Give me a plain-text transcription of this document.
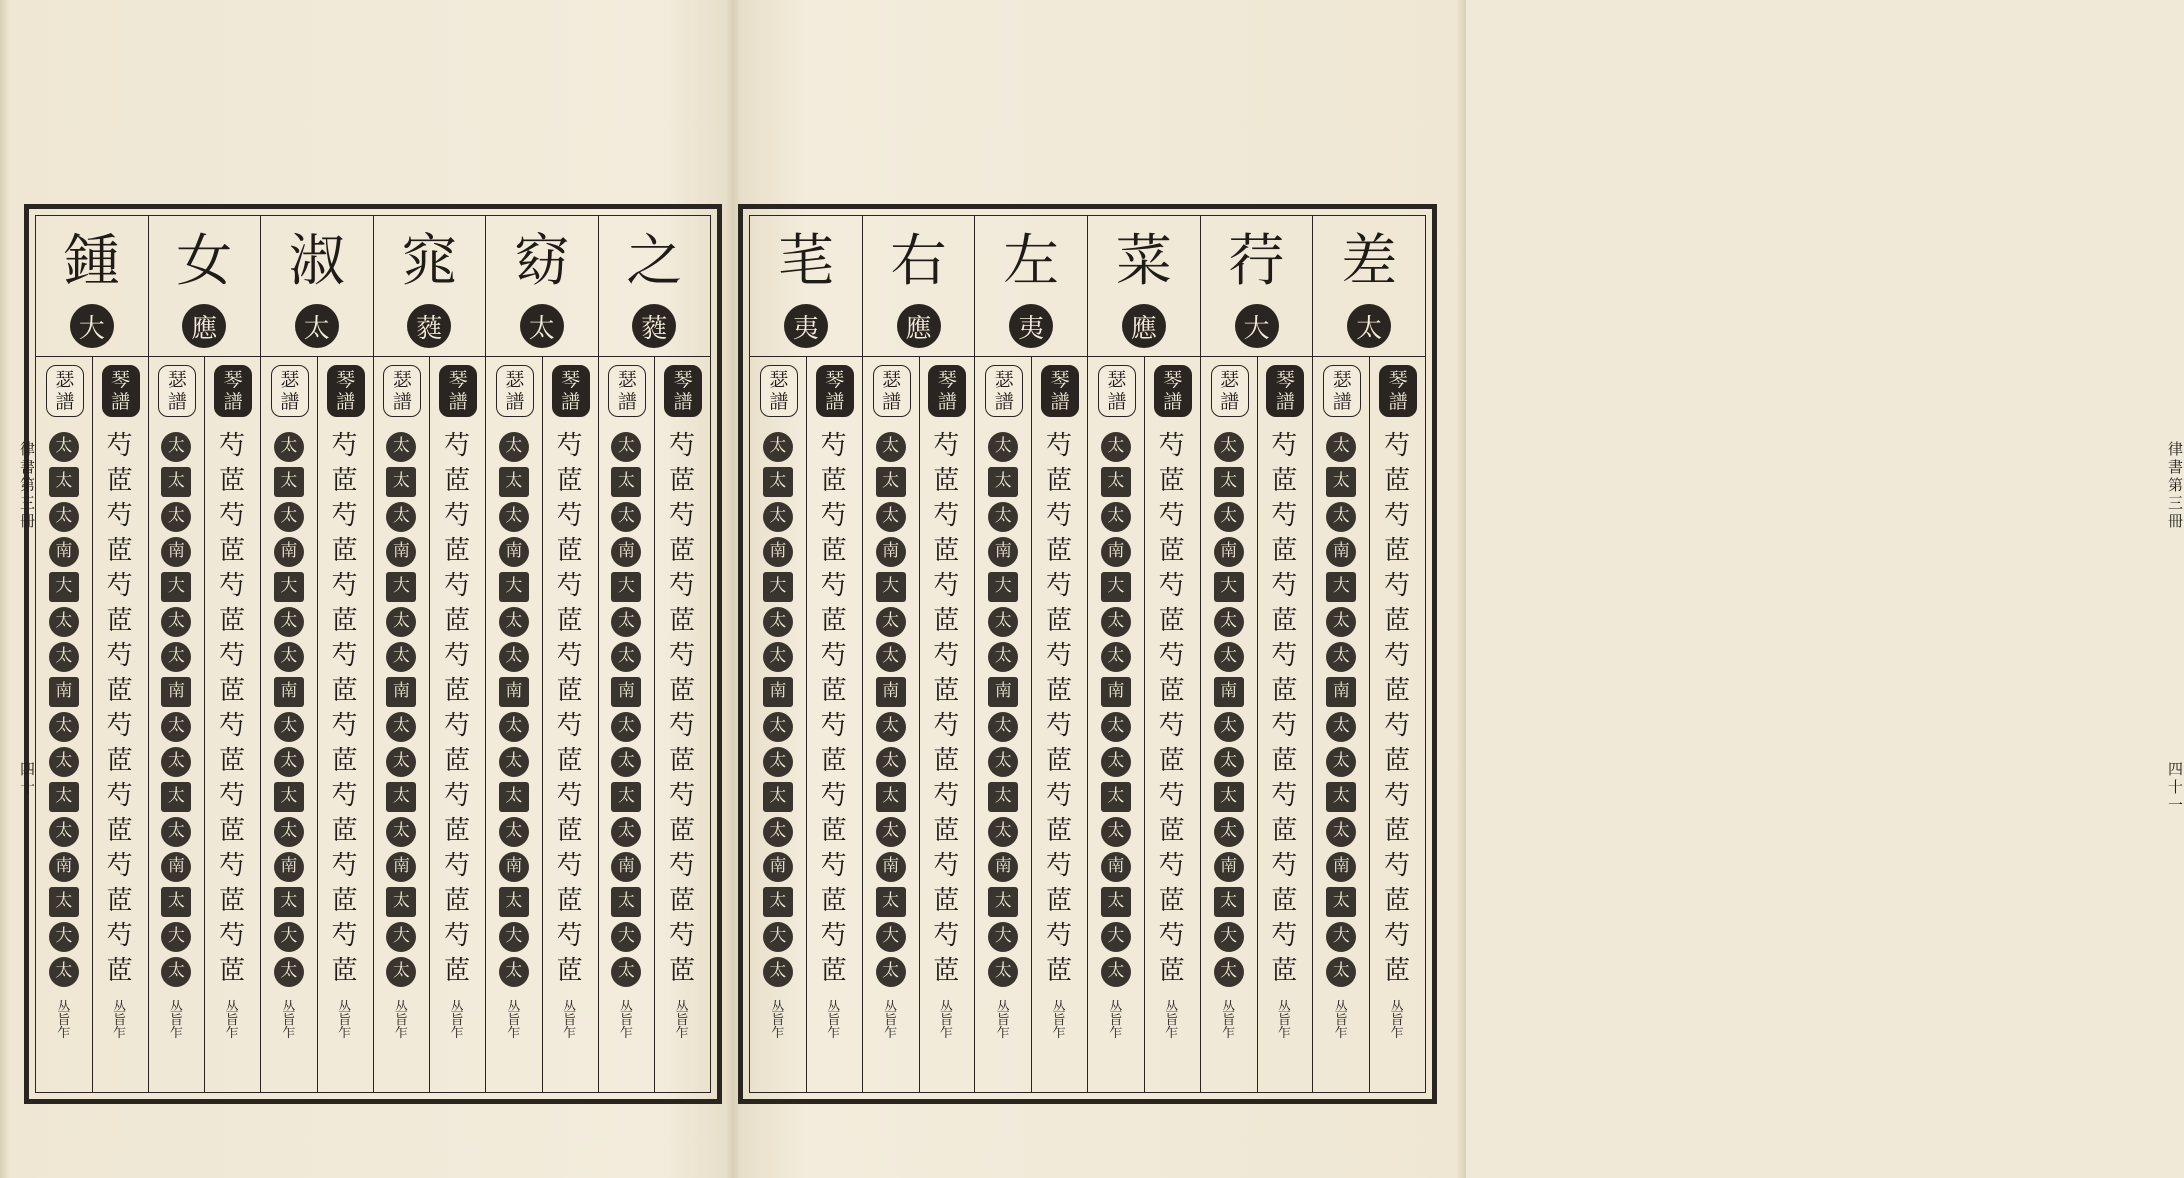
鍾
大
瑟
譜
太
太
太
南
大
太
太
南
太
太
太
太
南
太
大
太
丛
旨
乍
琴
譜
芍
茝
芍
茝
芍
茝
芍
茝
芍
茝
芍
茝
芍
茝
芍
茝
丛
旨
乍
女
應
瑟
譜
太
太
太
南
大
太
太
南
太
太
太
太
南
太
大
太
丛
旨
乍
琴
譜
芍
茝
芍
茝
芍
茝
芍
茝
芍
茝
芍
茝
芍
茝
芍
茝
丛
旨
乍
淑
太
瑟
譜
太
太
太
南
大
太
太
南
太
太
太
太
南
太
大
太
丛
旨
乍
琴
譜
芍
茝
芍
茝
芍
茝
芍
茝
芍
茝
芍
茝
芍
茝
芍
茝
丛
旨
乍
窕
蕤
瑟
譜
太
太
太
南
大
太
太
南
太
太
太
太
南
太
大
太
丛
旨
乍
琴
譜
芍
茝
芍
茝
芍
茝
芍
茝
芍
茝
芍
茝
芍
茝
芍
茝
丛
旨
乍
窈
太
瑟
譜
太
太
太
南
大
太
太
南
太
太
太
太
南
太
大
太
丛
旨
乍
琴
譜
芍
茝
芍
茝
芍
茝
芍
茝
芍
茝
芍
茝
芍
茝
芍
茝
丛
旨
乍
之
蕤
瑟
譜
太
太
太
南
大
太
太
南
太
太
太
太
南
太
大
太
丛
旨
乍
琴
譜
芍
茝
芍
茝
芍
茝
芍
茝
芍
茝
芍
茝
芍
茝
芍
茝
丛
旨
乍
律
書
第
三
冊
四
十
芼
夷
瑟
譜
太
太
太
南
大
太
太
南
太
太
太
太
南
太
大
太
丛
旨
乍
琴
譜
芍
茝
芍
茝
芍
茝
芍
茝
芍
茝
芍
茝
芍
茝
芍
茝
丛
旨
乍
右
應
瑟
譜
太
太
太
南
大
太
太
南
太
太
太
太
南
太
大
太
丛
旨
乍
琴
譜
芍
茝
芍
茝
芍
茝
芍
茝
芍
茝
芍
茝
芍
茝
芍
茝
丛
旨
乍
左
夷
瑟
譜
太
太
太
南
大
太
太
南
太
太
太
太
南
太
大
太
丛
旨
乍
琴
譜
芍
茝
芍
茝
芍
茝
芍
茝
芍
茝
芍
茝
芍
茝
芍
茝
丛
旨
乍
菜
應
瑟
譜
太
太
太
南
大
太
太
南
太
太
太
太
南
太
大
太
丛
旨
乍
琴
譜
芍
茝
芍
茝
芍
茝
芍
茝
芍
茝
芍
茝
芍
茝
芍
茝
丛
旨
乍
荇
大
瑟
譜
太
太
太
南
大
太
太
南
太
太
太
太
南
太
大
太
丛
旨
乍
琴
譜
芍
茝
芍
茝
芍
茝
芍
茝
芍
茝
芍
茝
芍
茝
芍
茝
丛
旨
乍
差
太
瑟
譜
太
太
太
南
大
太
太
南
太
太
太
太
南
太
大
太
丛
旨
乍
琴
譜
芍
茝
芍
茝
芍
茝
芍
茝
芍
茝
芍
茝
芍
茝
芍
茝
丛
旨
乍
律
書
第
三
冊
四
十
一
